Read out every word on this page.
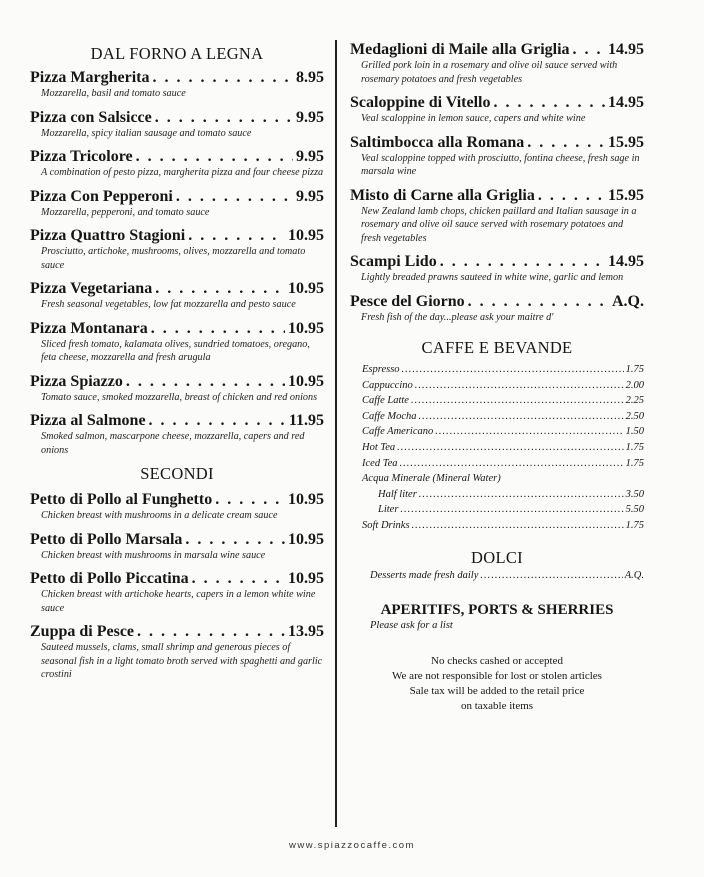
DAL FORNO A LEGNA
Pizza Margherita . . .	8.95
Mozzarella, basil and tomato sauce
Pizza con Salsicce . . .	9.95
Mozzarella, spicy italian sausage and tomato sauce
Pizza Tricolore . . .	9.95
A combination of pesto pizza, margherita pizza and four cheese pizza
Pizza Con Pepperoni . . .	9.95
Mozzarella, pepperoni, and tomato sauce
Pizza Quattro Stagioni . . .	10.95
Prosciutto, artichoke, mushrooms, olives, mozzarella and tomato sauce
Pizza Vegetariana . . .	10.95
Fresh seasonal vegetables, low fat mozzarella and pesto sauce
Pizza Montanara . . .	10.95
Sliced fresh tomato, kalamata olives, sundried tomatoes, oregano, feta cheese, mozzarella and fresh arugula
Pizza Spiazzo . . .	10.95
Tomato sauce, smoked mozzarella, breast of chicken and red onions
Pizza al Salmone . . .	11.95
Smoked salmon, mascarpone cheese, mozzarella, capers and red onions
SECONDI
Petto di Pollo al Funghetto . . .	10.95
Chicken breast with mushrooms in a delicate cream sauce
Petto di Pollo Marsala . . .	10.95
Chicken breast with mushrooms in marsala wine sauce
Petto di Pollo Piccatina . . .	10.95
Chicken breast with artichoke hearts, capers in a lemon white wine sauce
Zuppa di Pesce . . .	13.95
Sauteed mussels, clams, small shrimp and generous pieces of seasonal fish in a light tomato broth served with spaghetti and garlic crostini
Medaglioni di Maile alla Griglia . . . 14.95
Grilled pork loin in a rosemary and olive oil sauce served with rosemary potatoes and fresh vegetables
Scaloppine di Vitello . . .	14.95
Veal scaloppine in lemon sauce, capers and white wine
Saltimbocca alla Romana . . .	15.95
Veal scaloppine topped with prosciutto, fontina cheese, fresh sage in marsala wine
Misto di Carne alla Griglia . . .	15.95
New Zealand lamb chops, chicken paillard and Italian sausage in a rosemary and olive oil sauce served with rosemary potatoes and fresh vegetables
Scampi Lido . . .	14.95
Lightly breaded prawns sauteed in white wine, garlic and lemon
Pesce del Giorno . . .	A.Q.
Fresh fish of the day...please ask your maitre d'
CAFFE E BEVANDE
Espresso .....	1.75
Cappuccino .....	2.00
Caffe Latte .....	2.25
Caffe Mocha .....	2.50
Caffe Americano .....	1.50
Hot Tea .....	1.75
Iced Tea .....	1.75
Acqua Minerale (Mineral Water)
Half liter .....	3.50
Liter .....	5.50
Soft Drinks .....	1.75
DOLCI
Desserts made fresh daily .....	A.Q.
APERITIFS, PORTS & SHERRIES
Please ask for a list
No checks cashed or accepted
We are not responsible for lost or stolen articles
Sale tax will be added to the retail price
on taxable items
www.spiazzocaffe.com
